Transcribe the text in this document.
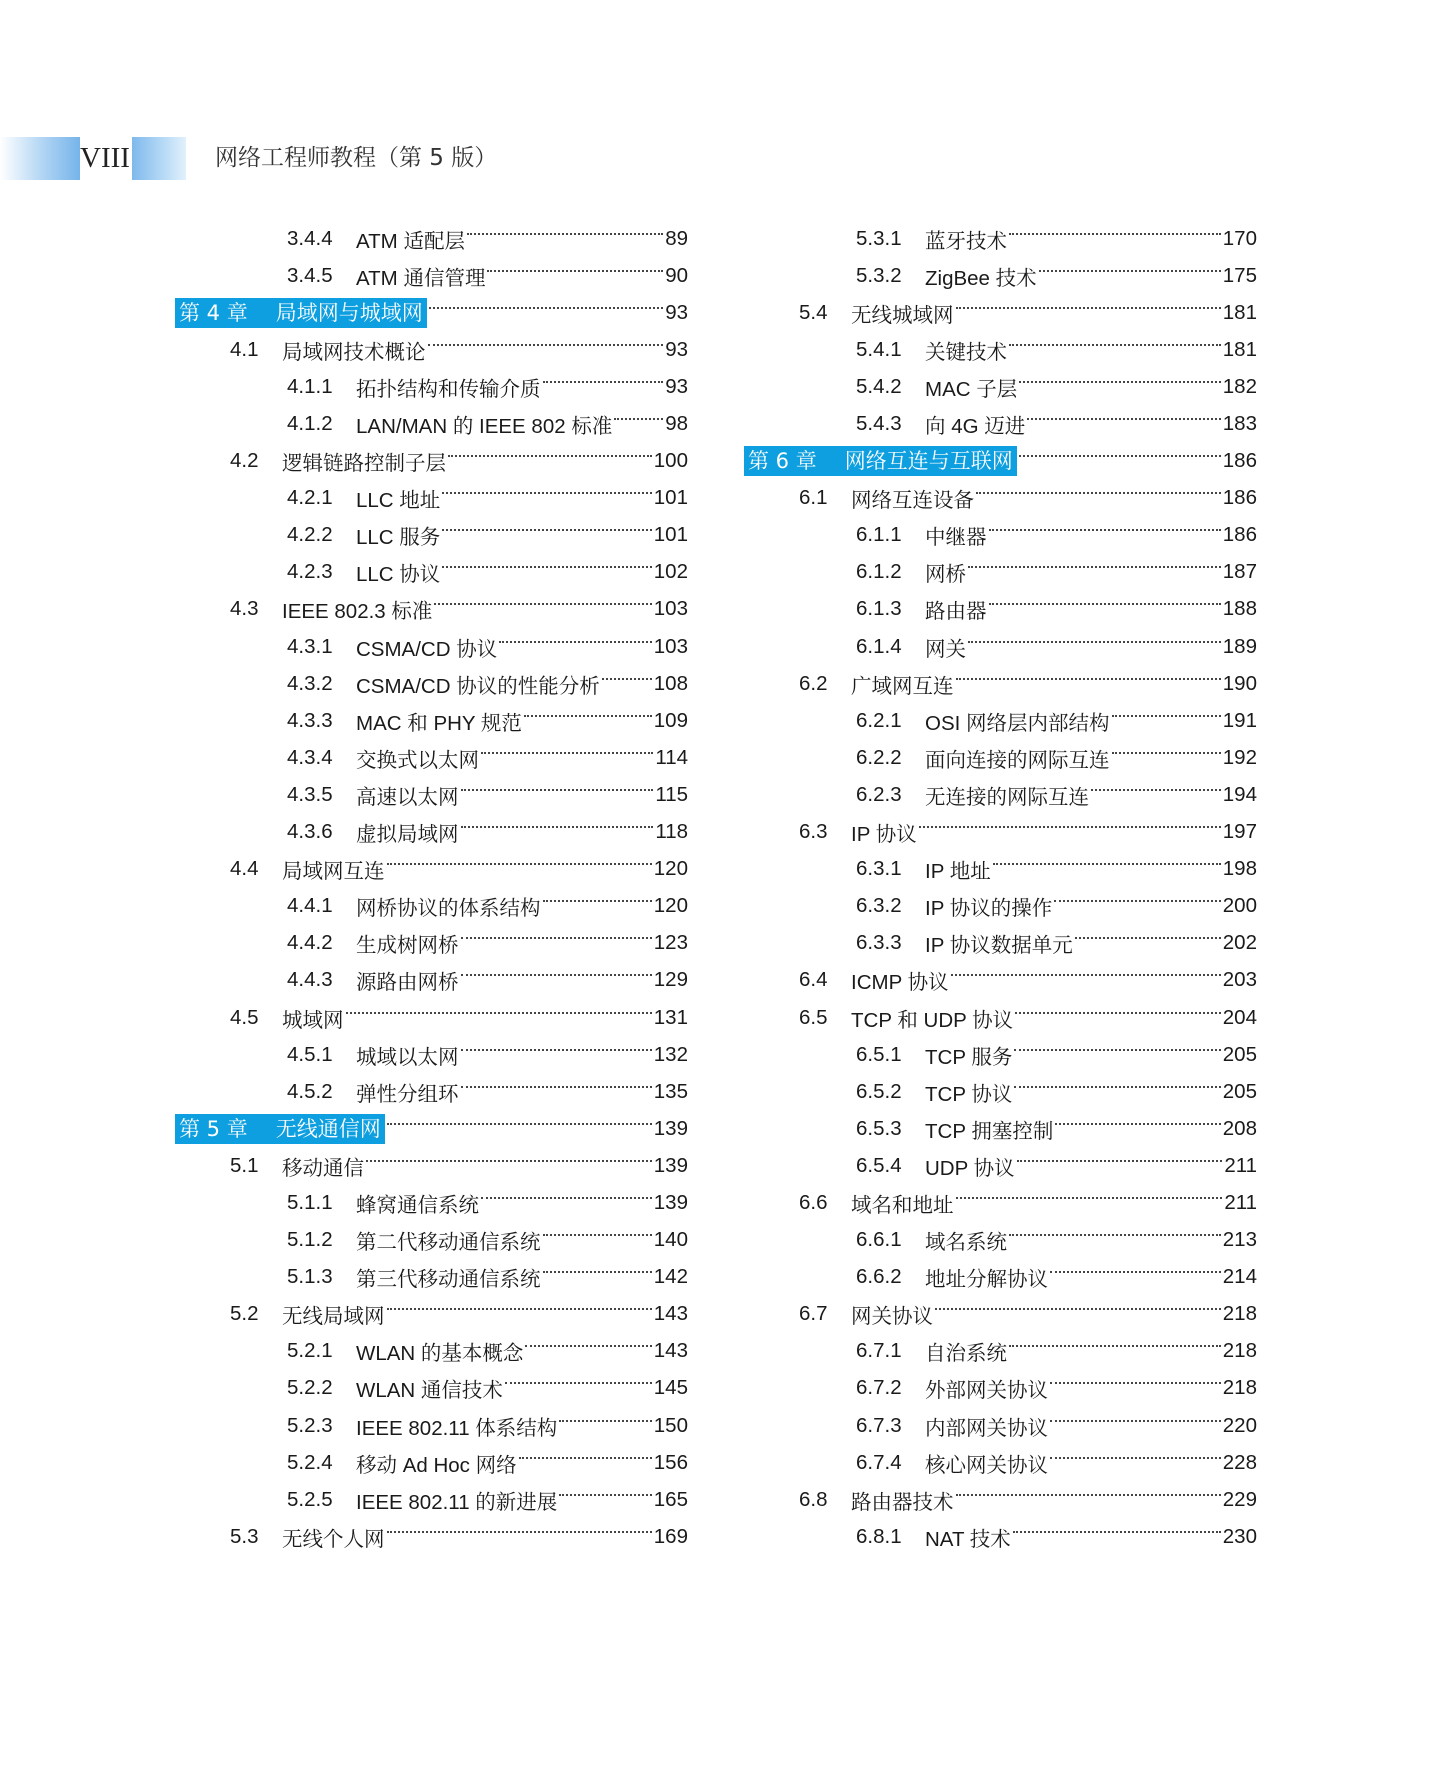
VIII	网络工程师教程（第 5 版）
3.4.4	ATM 适配层	89
3.4.5	ATM 通信管理	90
第 4 章 局域网与城域网	93
4.1	局域网技术概论	93
4.1.1	拓扑结构和传输介质	93
4.1.2	LAN/MAN 的 IEEE 802 标准	98
4.2	逻辑链路控制子层	100
4.2.1	LLC 地址	101
4.2.2	LLC 服务	101
4.2.3	LLC 协议	102
4.3	IEEE 802.3 标准	103
4.3.1	CSMA/CD 协议	103
4.3.2	CSMA/CD 协议的性能分析	108
4.3.3	MAC 和 PHY 规范	109
4.3.4	交换式以太网	114
4.3.5	高速以太网	115
4.3.6	虚拟局域网	118
4.4	局域网互连	120
4.4.1	网桥协议的体系结构	120
4.4.2	生成树网桥	123
4.4.3	源路由网桥	129
4.5	城域网	131
4.5.1	城域以太网	132
4.5.2	弹性分组环	135
第 5 章 无线通信网	139
5.1	移动通信	139
5.1.1	蜂窝通信系统	139
5.1.2	第二代移动通信系统	140
5.1.3	第三代移动通信系统	142
5.2	无线局域网	143
5.2.1	WLAN 的基本概念	143
5.2.2	WLAN 通信技术	145
5.2.3	IEEE 802.11 体系结构	150
5.2.4	移动 Ad Hoc 网络	156
5.2.5	IEEE 802.11 的新进展	165
5.3	无线个人网	169
5.3.1	蓝牙技术	170
5.3.2	ZigBee 技术	175
5.4	无线城域网	181
5.4.1	关键技术	181
5.4.2	MAC 子层	182
5.4.3	向 4G 迈进	183
第 6 章 网络互连与互联网	186
6.1	网络互连设备	186
6.1.1	中继器	186
6.1.2	网桥	187
6.1.3	路由器	188
6.1.4	网关	189
6.2	广域网互连	190
6.2.1	OSI 网络层内部结构	191
6.2.2	面向连接的网际互连	192
6.2.3	无连接的网际互连	194
6.3	IP 协议	197
6.3.1	IP 地址	198
6.3.2	IP 协议的操作	200
6.3.3	IP 协议数据单元	202
6.4	ICMP 协议	203
6.5	TCP 和 UDP 协议	204
6.5.1	TCP 服务	205
6.5.2	TCP 协议	205
6.5.3	TCP 拥塞控制	208
6.5.4	UDP 协议	211
6.6	域名和地址	211
6.6.1	域名系统	213
6.6.2	地址分解协议	214
6.7	网关协议	218
6.7.1	自治系统	218
6.7.2	外部网关协议	218
6.7.3	内部网关协议	220
6.7.4	核心网关协议	228
6.8	路由器技术	229
6.8.1	NAT 技术	230
